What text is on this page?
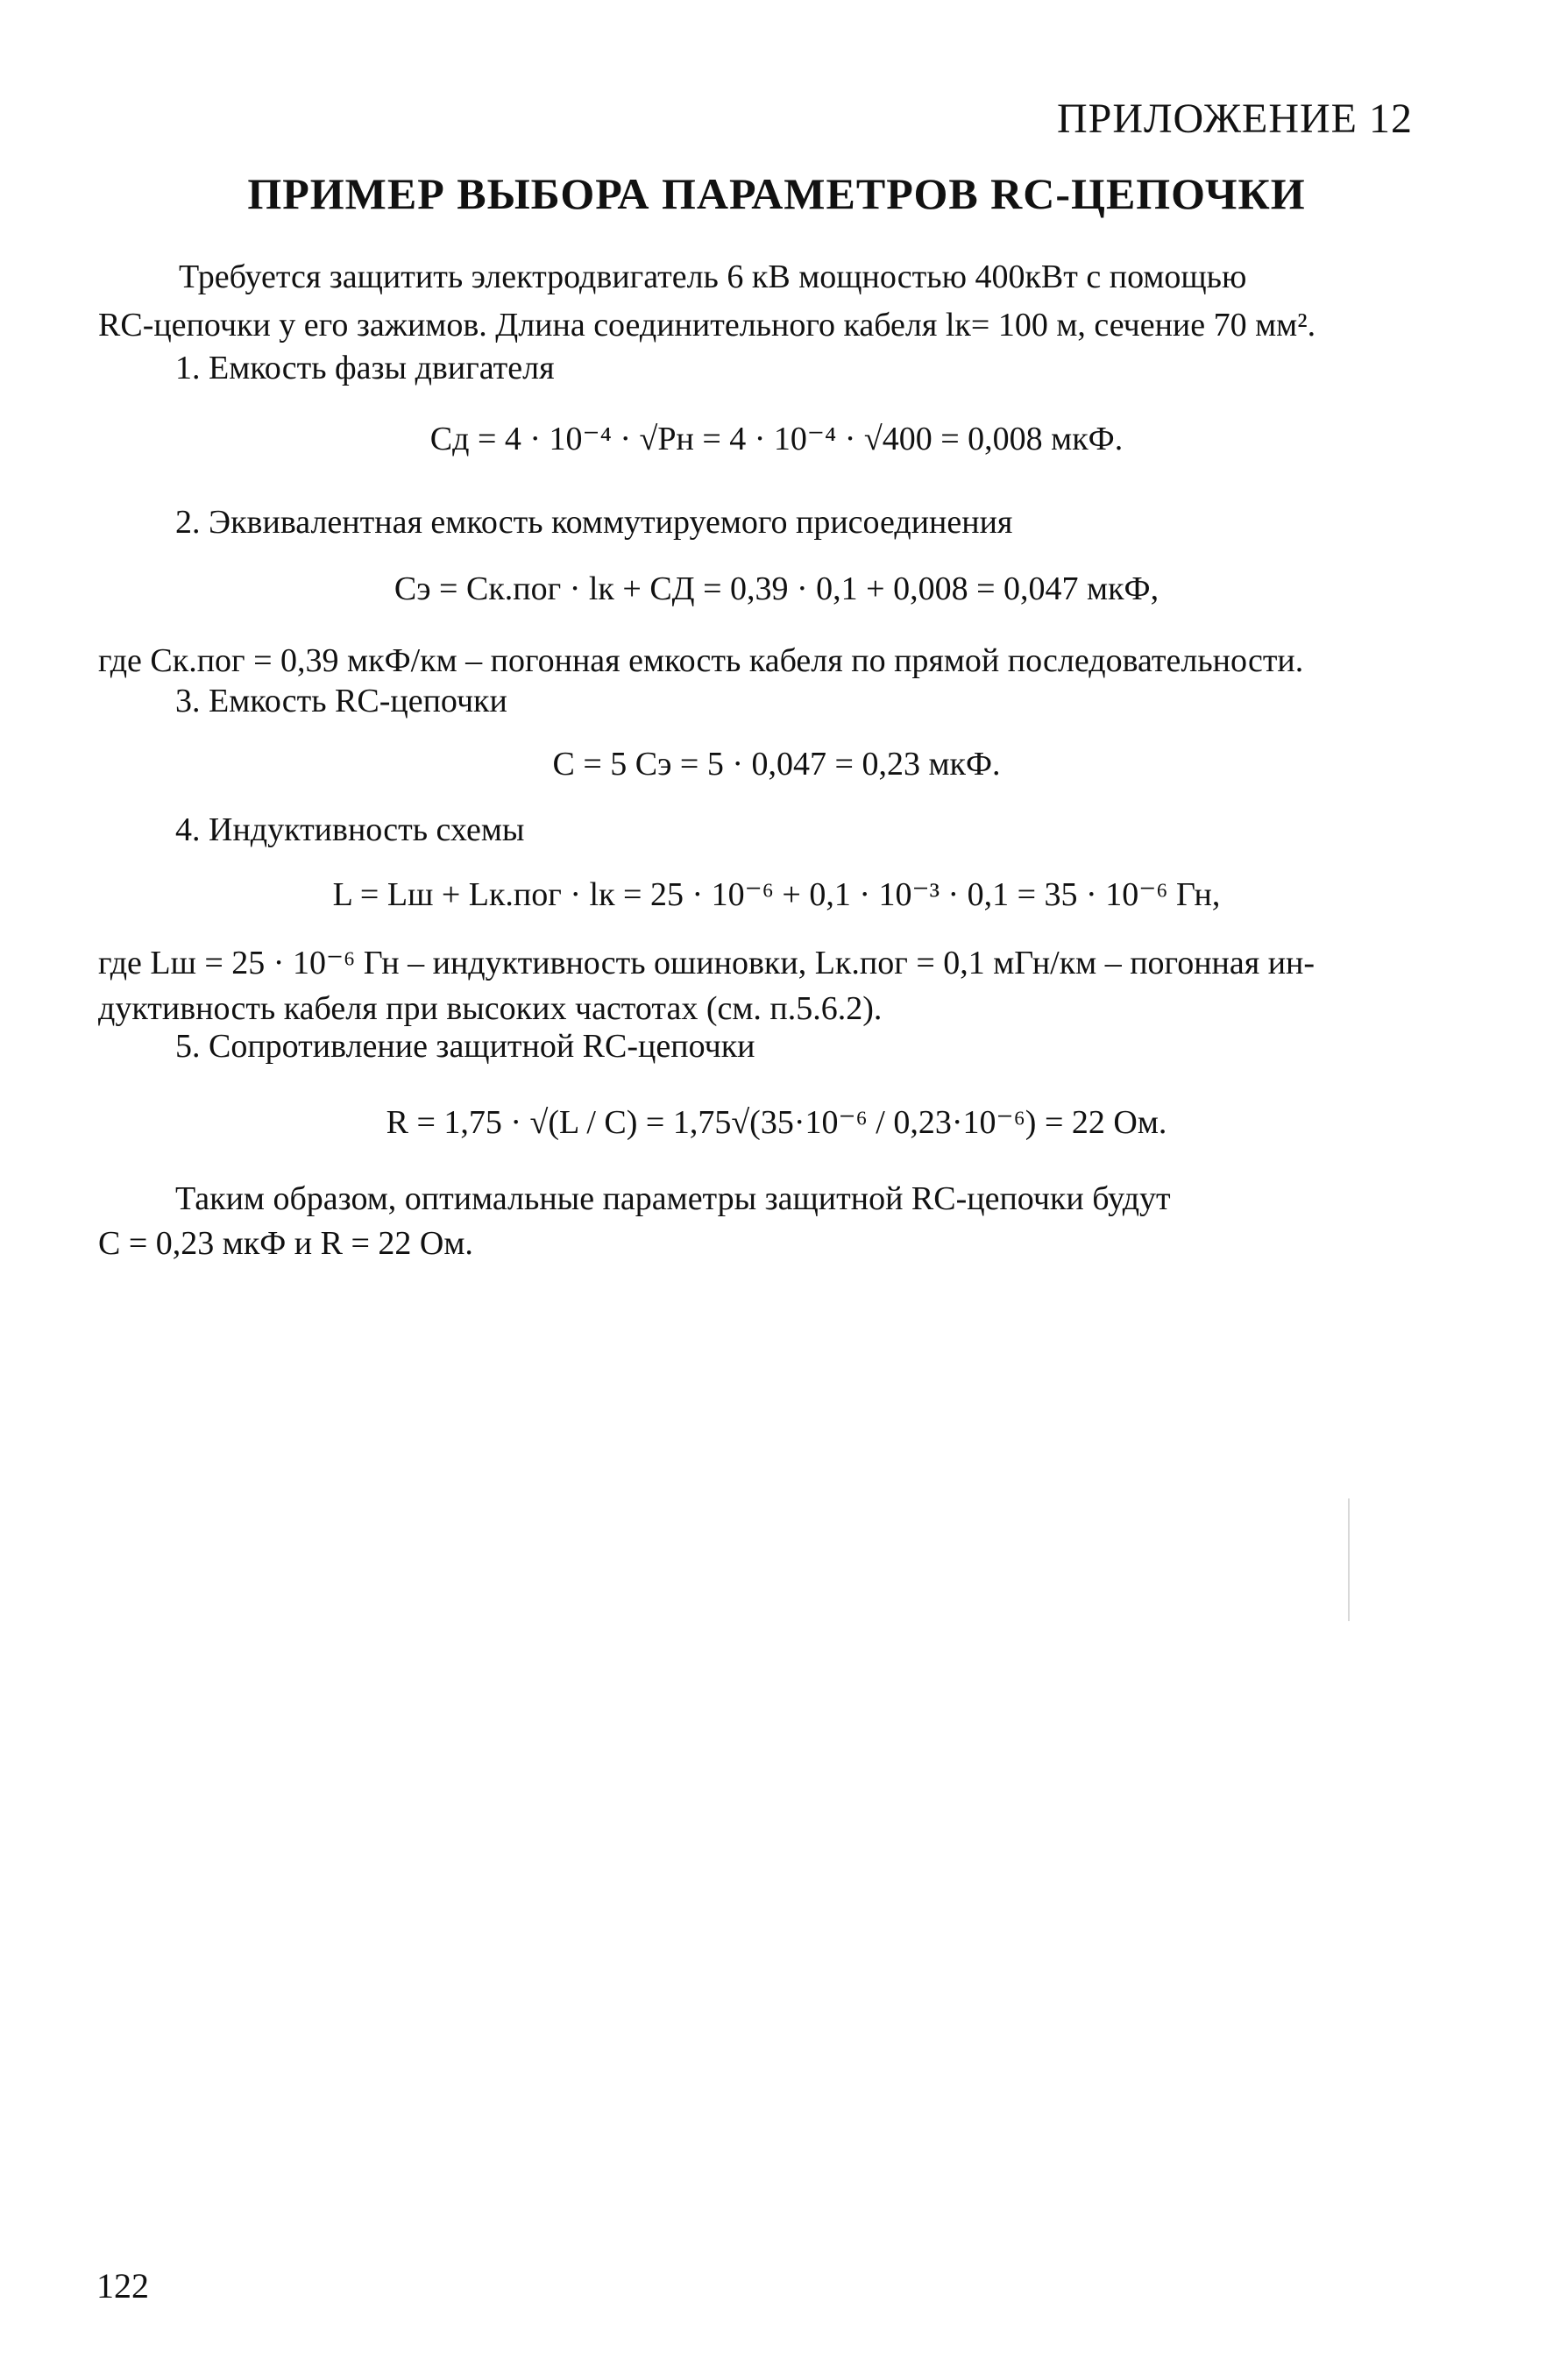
ПРИЛОЖЕНИЕ 12
ПРИМЕР ВЫБОРА ПАРАМЕТРОВ RC-ЦЕПОЧКИ
Требуется защитить электродвигатель 6 кВ мощностью 400кВт с помощью
RC-цепочки у его зажимов. Длина соединительного кабеля lк= 100 м, сечение 70 мм².
1. Емкость фазы двигателя
Cд = 4 · 10⁻⁴ · √Pн = 4 · 10⁻⁴ · √400 = 0,008 мкФ.
2. Эквивалентная емкость коммутируемого присоединения
Cэ = Cк.пог · lк + CД = 0,39 · 0,1 + 0,008 = 0,047 мкФ,
где Cк.пог = 0,39 мкФ/км – погонная емкость кабеля по прямой последовательности.
3. Емкость RC-цепочки
C = 5 Cэ = 5 · 0,047 = 0,23 мкФ.
4. Индуктивность схемы
L = Lш + Lк.пог · lк = 25 · 10⁻⁶ + 0,1 · 10⁻³ · 0,1 = 35 · 10⁻⁶ Гн,
где Lш = 25 · 10⁻⁶ Гн – индуктивность ошиновки, Lк.пог = 0,1 мГн/км – погонная ин-
дуктивность кабеля при высоких частотах (см. п.5.6.2).
5. Сопротивление защитной RC-цепочки
R = 1,75 · √(L / C) = 1,75√(35·10⁻⁶ / 0,23·10⁻⁶) = 22 Ом.
Таким образом, оптимальные параметры защитной RC-цепочки будут
C = 0,23 мкФ и R = 22 Ом.
122
